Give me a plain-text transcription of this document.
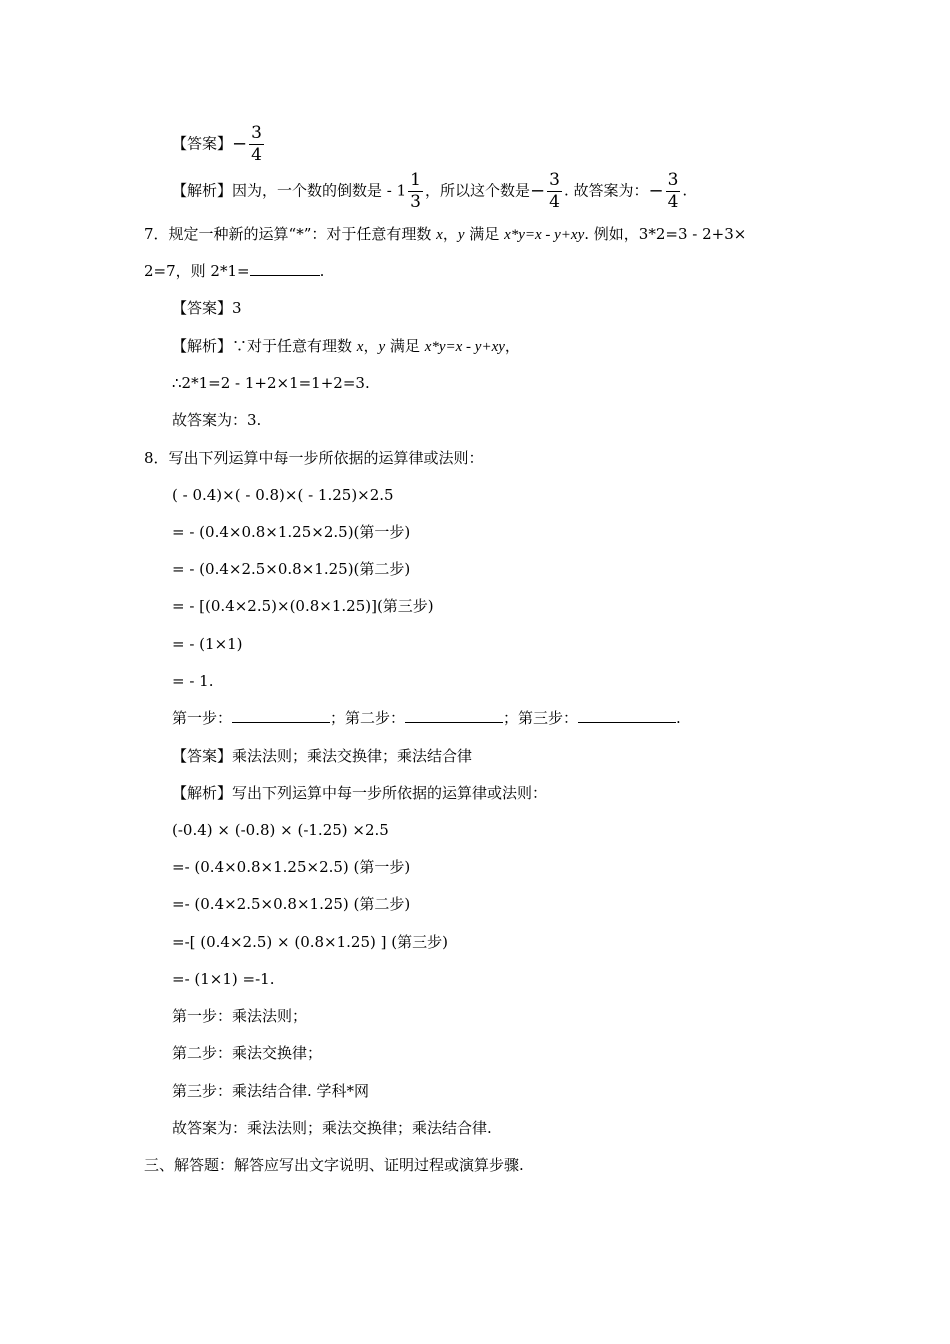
【答案】− $\frac{3}{4}$
【解析】因为，一个数的倒数是 - $1 \frac{1}{3}$ ，所以这个数是− $\frac{3}{4}$ . 故答案为：− $\frac{3}{4}$ .
7．规定一种新的运算“*”：对于任意有理数 x，y 满足 x*y=x - y+xy. 例如，3*2=3 - 2+3×
2=7，则 2*1=	.
【答案】3
【解析】∵对于任意有理数 x，y 满足 x*y=x - y+xy，
∴2*1=2 - 1+2×1=1+2=3.
故答案为：3.
8．写出下列运算中每一步所依据的运算律或法则：
( - 0.4)×( - 0.8)×( - 1.25)×2.5
= - (0.4×0.8×1.25×2.5)(第一步)
= - (0.4×2.5×0.8×1.25)(第二步)
= - [(0.4×2.5)×(0.8×1.25)](第三步)
= - (1×1)
= - 1.
第一步：	；第二步：	；第三步：	.
【答案】乘法法则；乘法交换律；乘法结合律
【解析】写出下列运算中每一步所依据的运算律或法则：
(-0.4) × (-0.8) × (-1.25) ×2.5
=- (0.4×0.8×1.25×2.5) (第一步)
=- (0.4×2.5×0.8×1.25) (第二步)
=-[ (0.4×2.5) × (0.8×1.25) ] (第三步)
=- (1×1) =-1.
第一步：乘法法则；
第二步：乘法交换律；
第三步：乘法结合律. 学科*网
故答案为：乘法法则；乘法交换律；乘法结合律.
三、解答题：解答应写出文字说明、证明过程或演算步骤.
